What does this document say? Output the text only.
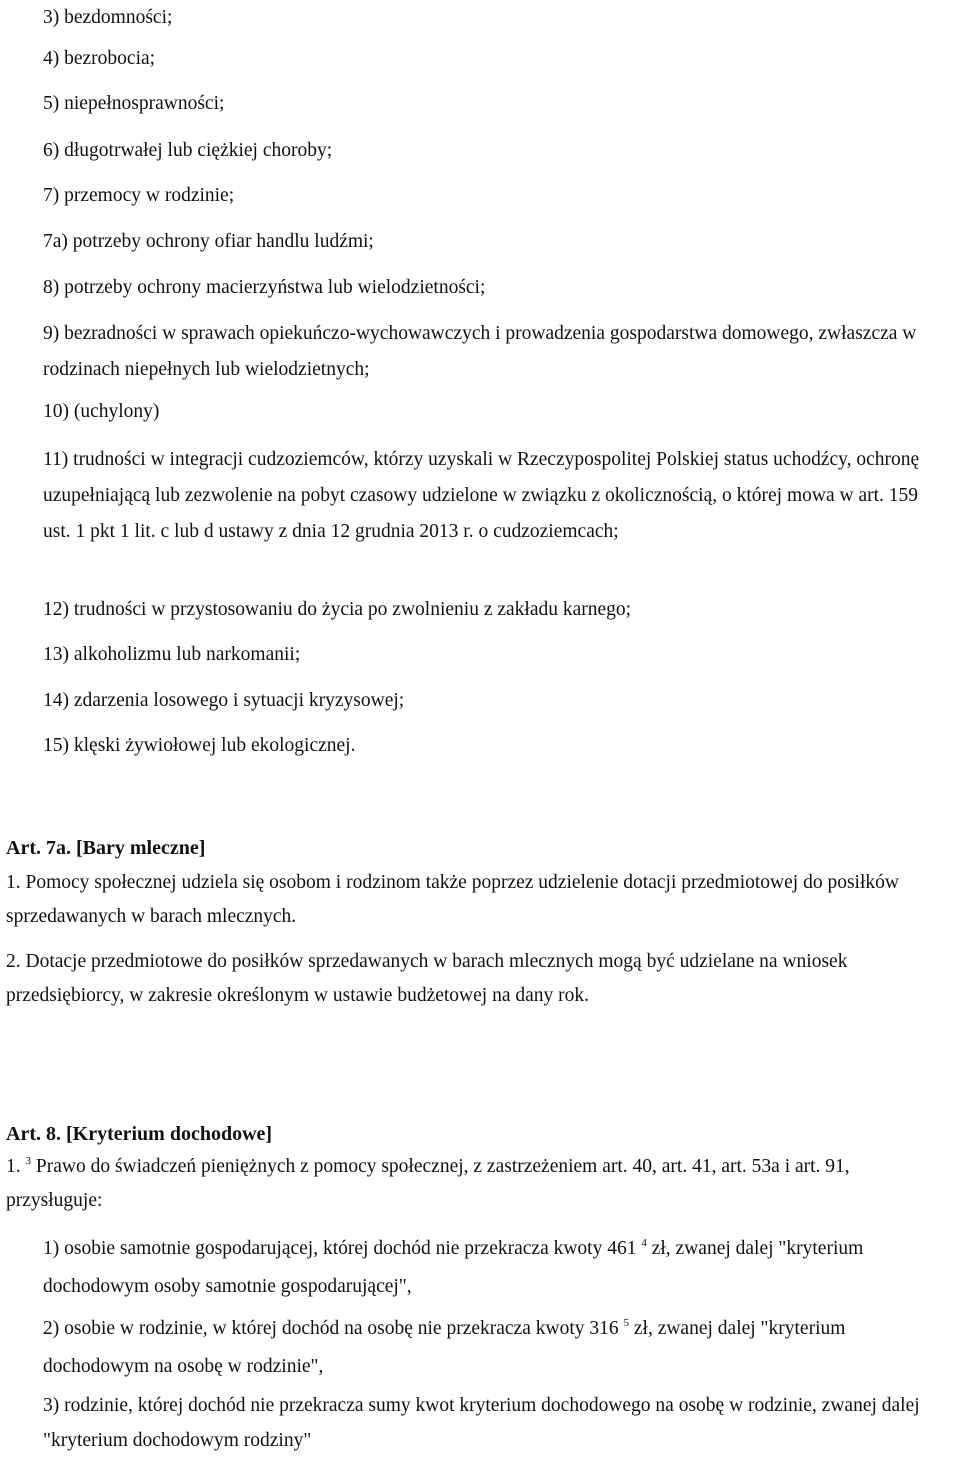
3) bezdomności;
4) bezrobocia;
5) niepełnosprawności;
6) długotrwałej lub ciężkiej choroby;
7) przemocy w rodzinie;
7a) potrzeby ochrony ofiar handlu ludźmi;
8) potrzeby ochrony macierzyństwa lub wielodzietności;
9) bezradności w sprawach opiekuńczo-wychowawczych i prowadzenia gospodarstwa domowego, zwłaszcza w rodzinach niepełnych lub wielodzietnych;
10) (uchylony)
11) trudności w integracji cudzoziemców, którzy uzyskali w Rzeczypospolitej Polskiej status uchodźcy, ochronę uzupełniającą lub zezwolenie na pobyt czasowy udzielone w związku z okolicznością, o której mowa w art. 159 ust. 1 pkt 1 lit. c lub d ustawy z dnia 12 grudnia 2013 r. o cudzoziemcach;
12) trudności w przystosowaniu do życia po zwolnieniu z zakładu karnego;
13) alkoholizmu lub narkomanii;
14) zdarzenia losowego i sytuacji kryzysowej;
15) klęski żywiołowej lub ekologicznej.
Art. 7a. [Bary mleczne]
1. Pomocy społecznej udziela się osobom i rodzinom także poprzez udzielenie dotacji przedmiotowej do posiłków sprzedawanych w barach mlecznych.
2. Dotacje przedmiotowe do posiłków sprzedawanych w barach mlecznych mogą być udzielane na wniosek przedsiębiorcy, w zakresie określonym w ustawie budżetowej na dany rok.
Art. 8. [Kryterium dochodowe]
1. $^3$ Prawo do świadczeń pieniężnych z pomocy społecznej, z zastrzeżeniem art. 40, art. 41, art. 53a i art. 91, przysługuje:
1) osobie samotnie gospodarującej, której dochód nie przekracza kwoty 461 $^4$ zł, zwanej dalej "kryterium dochodowym osoby samotnie gospodarującej",
2) osobie w rodzinie, w której dochód na osobę nie przekracza kwoty 316 $^5$ zł, zwanej dalej "kryterium dochodowym na osobę w rodzinie",
3) rodzinie, której dochód nie przekracza sumy kwot kryterium dochodowego na osobę w rodzinie, zwanej dalej "kryterium dochodowym rodziny"
